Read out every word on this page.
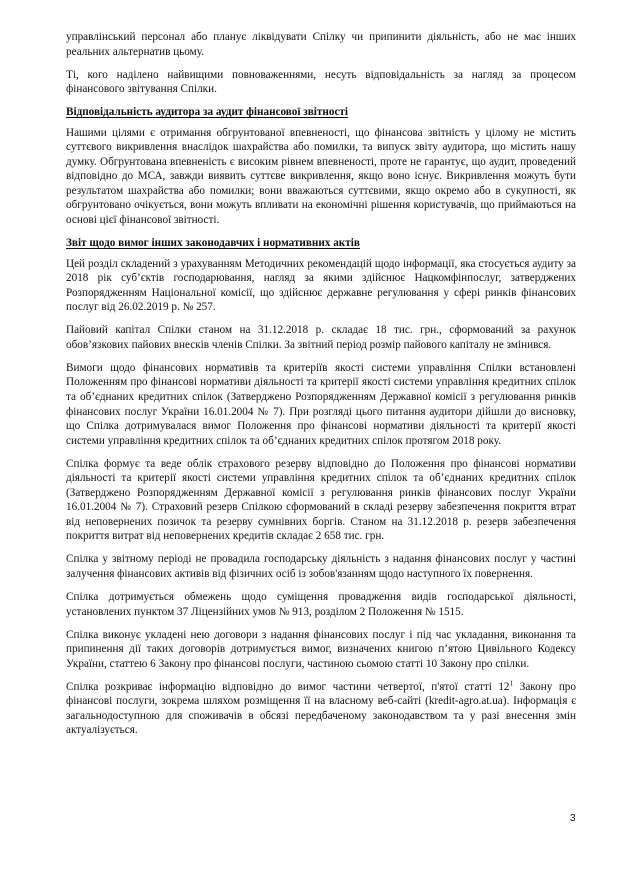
управлінський персонал або планує ліквідувати Спілку чи припинити діяльність, або не має інших реальних альтернатив цьому.

Ті, кого наділено найвищими повноваженнями, несуть відповідальність за нагляд за процесом фінансового звітування Спілки.

Відповідальність аудитора за аудит фінансової звітності

Нашими цілями є отримання обгрунтованої впевненості, що фінансова звітність у цілому не містить суттєвого викривлення внаслідок шахрайства або помилки, та випуск звіту аудитора, що містить нашу думку. Обгрунтована впевненість є високим рівнем впевненості, проте не гарантує, що аудит, проведений відповідно до МСА, завжди виявить суттєве викривлення, якщо воно існує. Викривлення можуть бути результатом шахрайства або помилки; вони вважаються суттєвими, якщо окремо або в сукупності, як обгрунтовано очікується, вони можуть впливати на економічні рішення користувачів, що приймаються на основі цієї фінансової звітності.

Звіт щодо вимог інших законодавчих і нормативних актів

Цей розділ складений з урахуванням Методичних рекомендацій щодо інформації, яка стосується аудиту за 2018 рік суб’єктів господарювання, нагляд за якими здійснює Нацкомфінпослуг, затверджених Розпорядженням Національної комісії, що здійснює державне регулювання у сфері ринків фінансових послуг від 26.02.2019 р. № 257.

Пайовий капітал Спілки станом на 31.12.2018 р. складає 18 тис. грн., сформований за рахунок обов’язкових пайових внесків членів Спілки. За звітний період розмір пайового капіталу не змінився.

Вимоги щодо фінансових нормативів та критеріїв якості системи управління Спілки встановлені Положенням про фінансові нормативи діяльності та критерії якості системи управління кредитних спілок та об’єднаних кредитних спілок (Затверджено Розпорядженням Державної комісії з регулювання ринків фінансових послуг України 16.01.2004 № 7). При розгляді цього питання аудитори дійшли до висновку, що Спілка дотримувалася вимог Положення про фінансові нормативи діяльності та критерії якості системи управління кредитних спілок та об’єднаних кредитних спілок протягом 2018 року.

Спілка формує та веде облік страхового резерву відповідно до Положення про фінансові нормативи діяльності та критерії якості системи управління кредитних спілок та об’єднаних кредитних спілок (Затверджено Розпорядженням Державної комісії з регулювання ринків фінансових послуг України 16.01.2004 № 7). Страховий резерв Спілкою сформований в складі резерву забезпечення покриття втрат від неповернених позичок та резерву сумнівних боргів. Станом на 31.12.2018 р. резерв забезпечення покриття витрат від неповернених кредитів складає 2 658 тис. грн.

Спілка у звітному періоді не провадила господарську діяльність з надання фінансових послуг у частині залучення фінансових активів від фізичних осіб із зобов'язанням щодо наступного їх повернення.

Спілка дотримується обмежень щодо суміщення провадження видів господарської діяльності, установлених пунктом 37 Ліцензійних умов № 913, розділом 2 Положення № 1515.

Спілка виконує укладені нею договори з надання фінансових послуг і під час укладання, виконання та припинення дії таких договорів дотримується вимог, визначених книгою п’ятою Цивільного Кодексу України, статтею 6 Закону про фінансові послуги, частиною сьомою статті 10 Закону про спілки.

Спілка розкриває інформацію відповідно до вимог частини четвертої, п'ятої статті $12^1$ Закону про фінансові послуги, зокрема шляхом розміщення її на власному веб-сайті (kredit-agro.at.ua). Інформація є загальнодоступною для споживачів в обсязі передбаченому законодавством та у разі внесення змін актуалізується.

3
